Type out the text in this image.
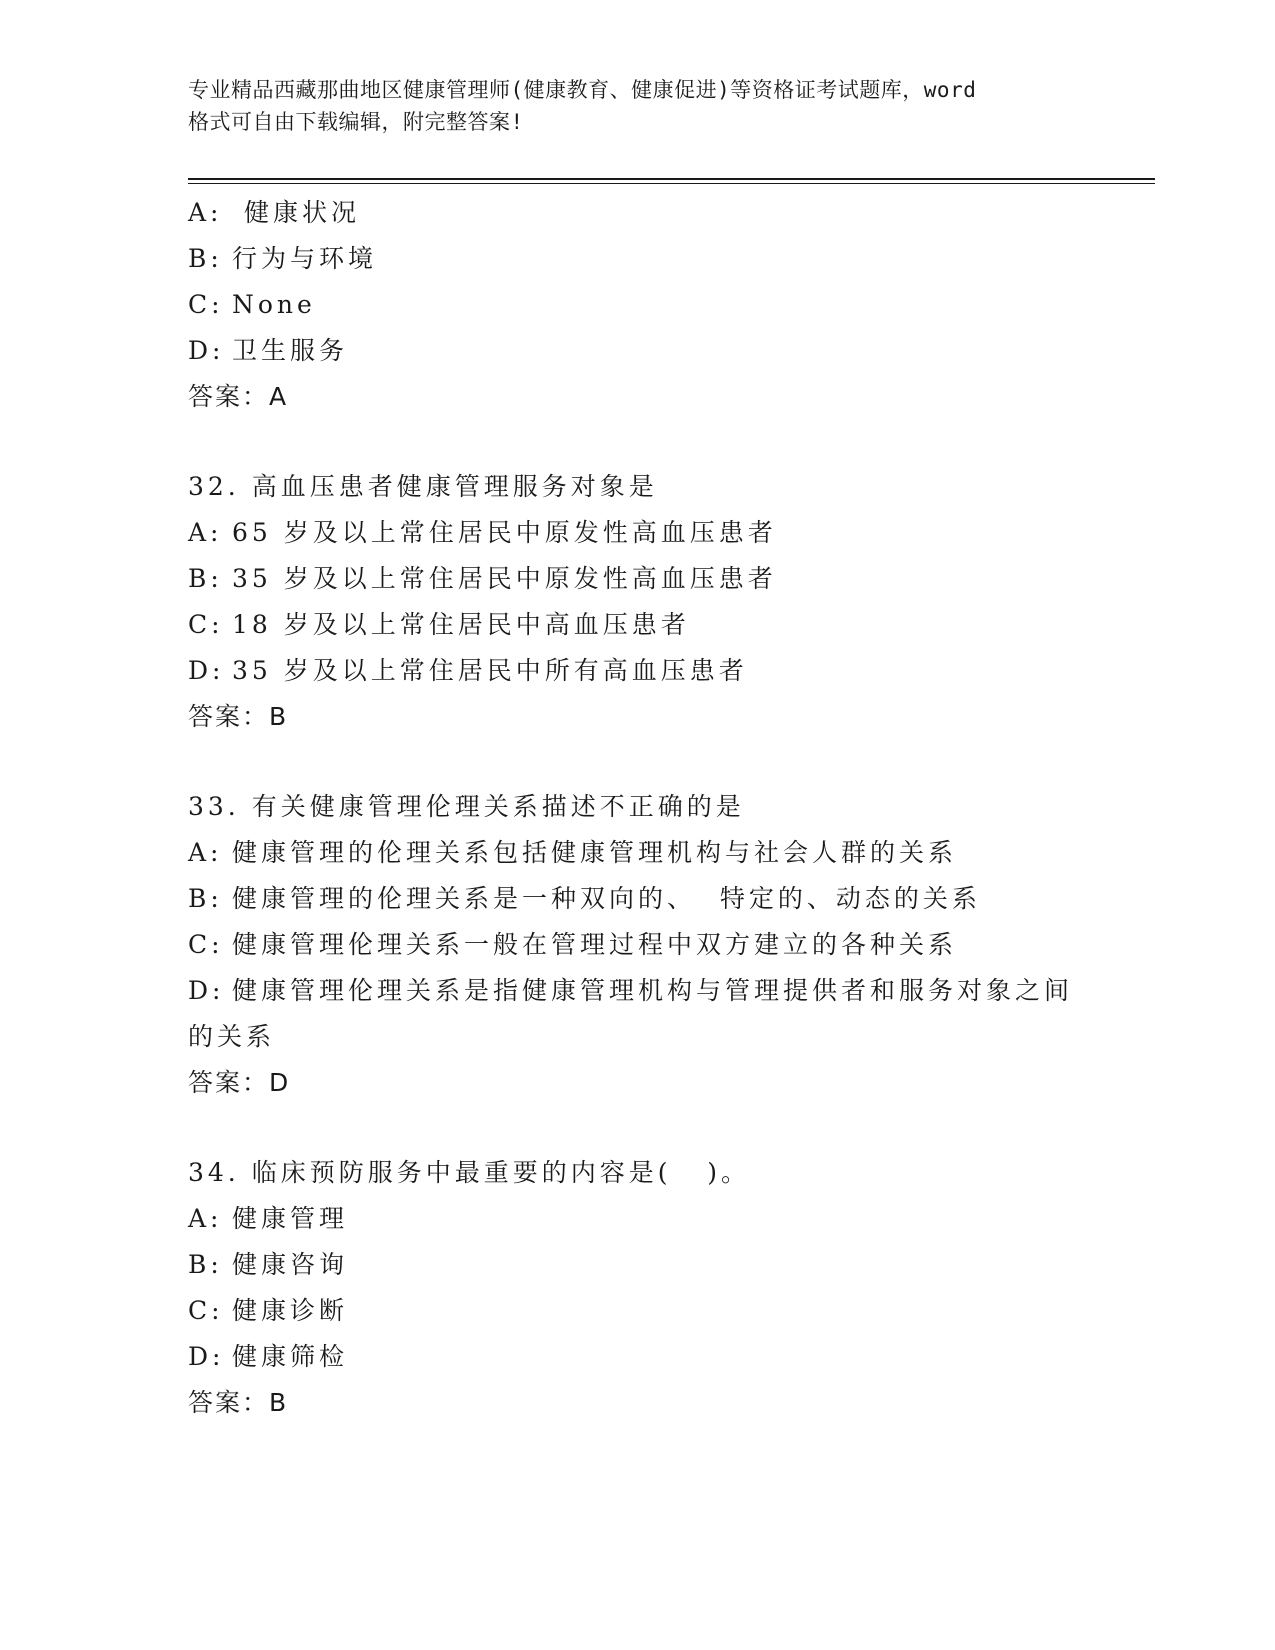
专业精品西藏那曲地区健康管理师(健康教育、健康促进)等资格证考试题库，word
格式可自由下载编辑，附完整答案!
A: 健康状况
B: 行为与环境
C: None
D: 卫生服务
答案：A
32. 高血压患者健康管理服务对象是
A: 65 岁及以上常住居民中原发性高血压患者
B: 35 岁及以上常住居民中原发性高血压患者
C: 18 岁及以上常住居民中高血压患者
D: 35 岁及以上常住居民中所有高血压患者
答案：B
33. 有关健康管理伦理关系描述不正确的是
A: 健康管理的伦理关系包括健康管理机构与社会人群的关系
B: 健康管理的伦理关系是一种双向的、  特定的、动态的关系
C: 健康管理伦理关系一般在管理过程中双方建立的各种关系
D: 健康管理伦理关系是指健康管理机构与管理提供者和服务对象之间
的关系
答案：D
34. 临床预防服务中最重要的内容是(   )。
A: 健康管理
B: 健康咨询
C: 健康诊断
D: 健康筛检
答案：B
